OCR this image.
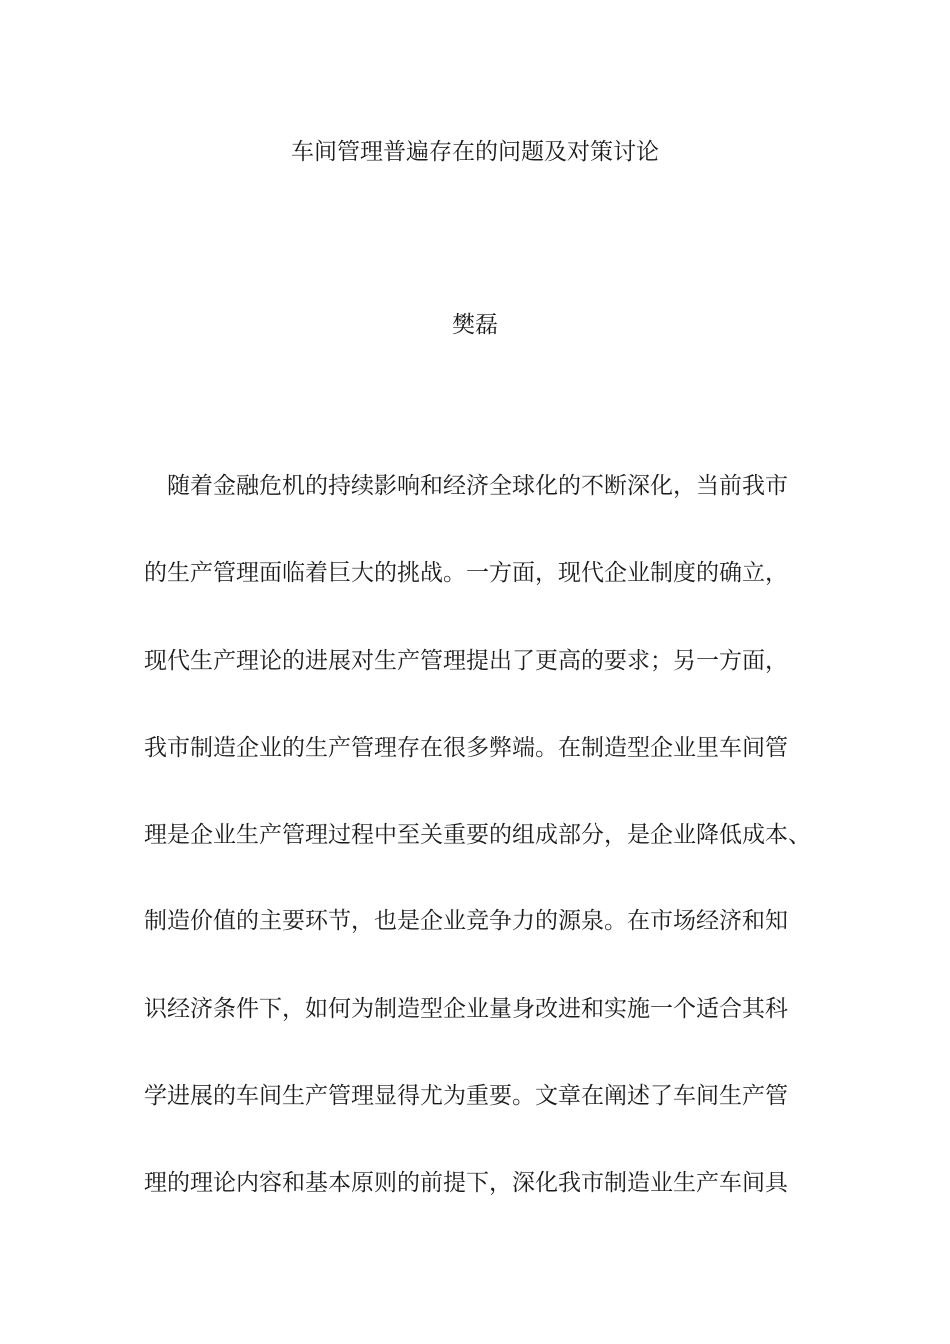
车间管理普遍存在的问题及对策讨论
樊磊
随着金融危机的持续影响和经济全球化的不断深化，当前我市
的生产管理面临着巨大的挑战。一方面，现代企业制度的确立，
现代生产理论的进展对生产管理提出了更高的要求；另一方面，
我市制造企业的生产管理存在很多弊端。在制造型企业里车间管
理是企业生产管理过程中至关重要的组成部分，是企业降低成本、
制造价值的主要环节，也是企业竞争力的源泉。在市场经济和知
识经济条件下，如何为制造型企业量身改进和实施一个适合其科
学进展的车间生产管理显得尤为重要。文章在阐述了车间生产管
理的理论内容和基本原则的前提下，深化我市制造业生产车间具
